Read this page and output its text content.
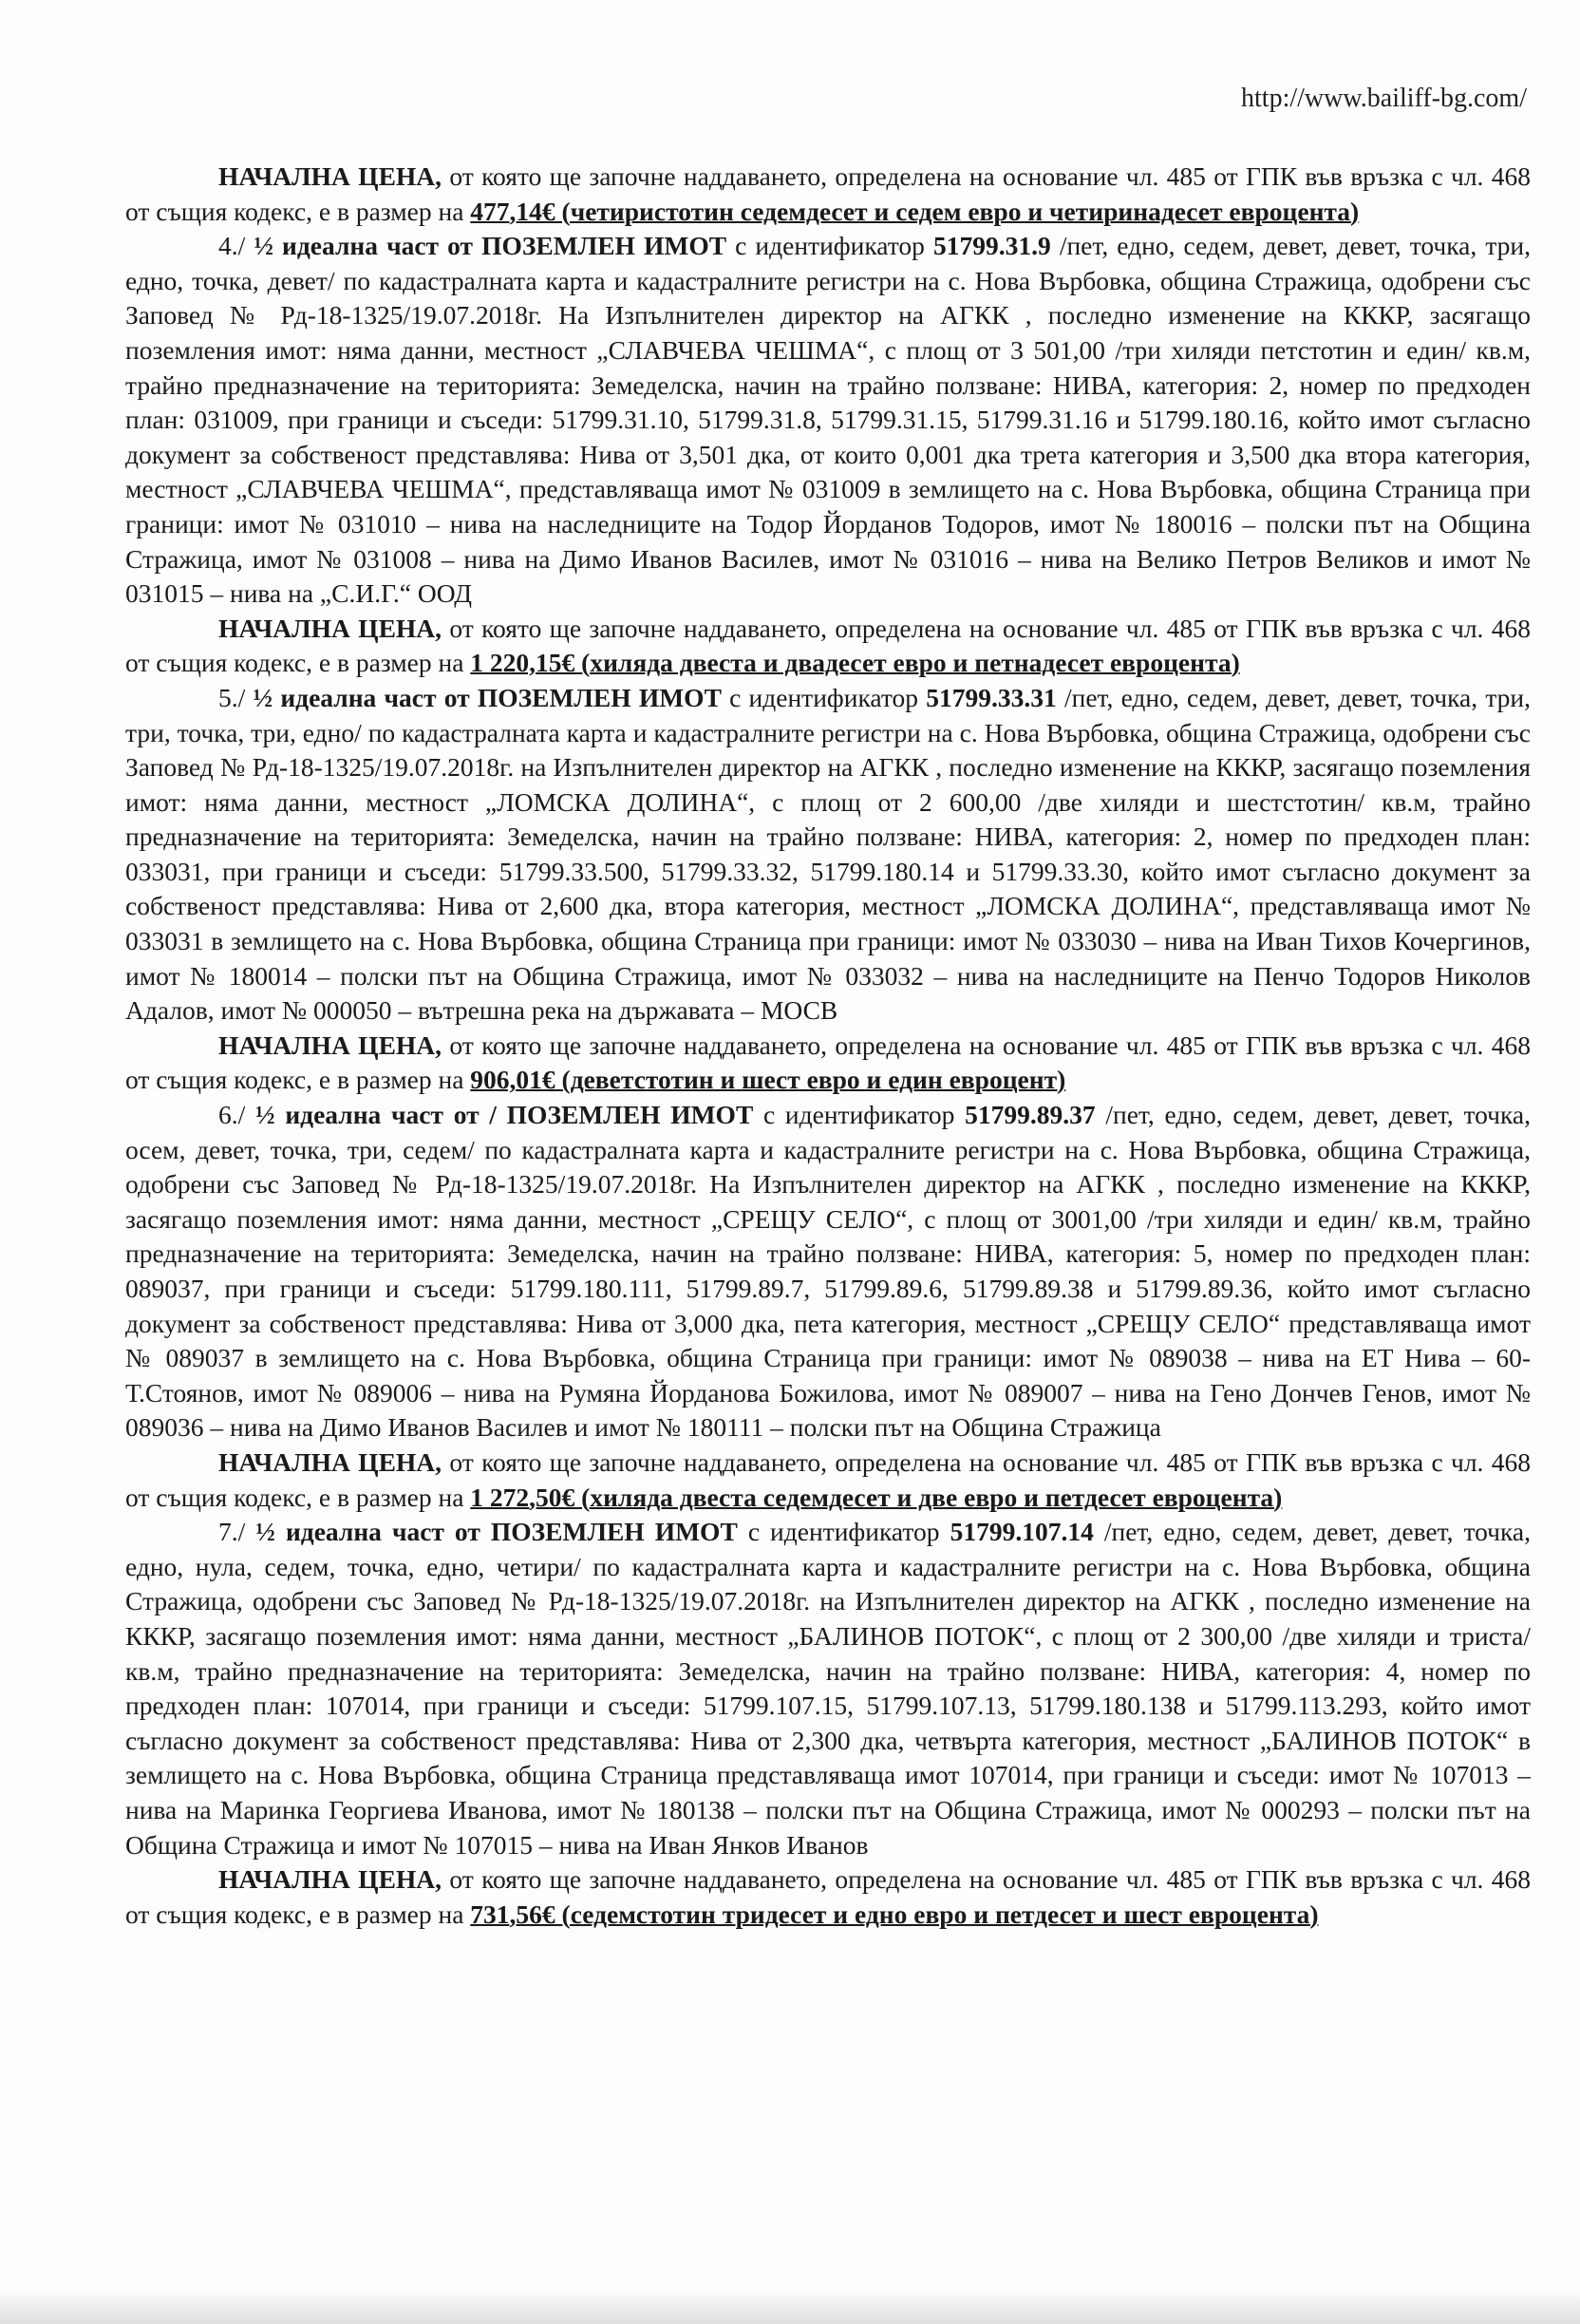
http://www.bailiff-bg.com/

НАЧАЛНА ЦЕНА, от която ще започне наддаването, определена на основание чл. 485 от ГПК във връзка с чл. 468 от същия кодекс, е в размер на 477,14€ (четиристотин седемдесет и седем евро и четиринадесет евроцента)

4./ ½ идеална част от ПОЗЕМЛЕН ИМОТ с идентификатор 51799.31.9 /пет, едно, седем, девет, девет, точка, три, едно, точка, девет/ по кадастралната карта и кадастралните регистри на с. Нова Върбовка, община Стражица, одобрени със Заповед № Рд-18-1325/19.07.2018г. На Изпълнителен директор на АГКК , последно изменение на КККР, засягащо поземления имот: няма данни, местност „СЛАВЧЕВА ЧЕШМА“, с площ от 3 501,00 /три хиляди петстотин и един/ кв.м, трайно предназначение на територията: Земеделска, начин на трайно ползване: НИВА, категория: 2, номер по предходен план: 031009, при граници и съседи: 51799.31.10, 51799.31.8, 51799.31.15, 51799.31.16 и 51799.180.16, който имот съгласно документ за собственост представлява: Нива от 3,501 дка, от които 0,001 дка трета категория и 3,500 дка втора категория, местност „СЛАВЧЕВА ЧЕШМА“, представляваща имот № 031009 в землището на с. Нова Върбовка, община Страница при граници: имот № 031010 – нива на наследниците на Тодор Йорданов Тодоров, имот № 180016 – полски път на Община Стражица, имот № 031008 – нива на Димо Иванов Василев, имот № 031016 – нива на Велико Петров Великов и имот № 031015 – нива на „С.И.Г.“ ООД

НАЧАЛНА ЦЕНА, от която ще започне наддаването, определена на основание чл. 485 от ГПК във връзка с чл. 468 от същия кодекс, е в размер на 1 220,15€ (хиляда двеста и двадесет евро и петнадесет евроцента)

5./ ½ идеална част от ПОЗЕМЛЕН ИМОТ с идентификатор 51799.33.31 /пет, едно, седем, девет, девет, точка, три, три, точка, три, едно/ по кадастралната карта и кадастралните регистри на с. Нова Върбовка, община Стражица, одобрени със Заповед № Рд-18-1325/19.07.2018г. на Изпълнителен директор на АГКК , последно изменение на КККР, засягащо поземления имот: няма данни, местност „ЛОМСКА ДОЛИНА“, с площ от 2 600,00 /две хиляди и шестстотин/ кв.м, трайно предназначение на територията: Земеделска, начин на трайно ползване: НИВА, категория: 2, номер по предходен план: 033031, при граници и съседи: 51799.33.500, 51799.33.32, 51799.180.14 и 51799.33.30, който имот съгласно документ за собственост представлява: Нива от 2,600 дка, втора категория, местност „ЛОМСКА ДОЛИНА“, представляваща имот № 033031 в землището на с. Нова Върбовка, община Страница при граници: имот № 033030 – нива на Иван Тихов Кочергинов, имот № 180014 – полски път на Община Стражица, имот № 033032 – нива на наследниците на Пенчо Тодоров Николов Адалов, имот № 000050 – вътрешна река на държавата – МОСВ

НАЧАЛНА ЦЕНА, от която ще започне наддаването, определена на основание чл. 485 от ГПК във връзка с чл. 468 от същия кодекс, е в размер на 906,01€ (деветстотин и шест евро и един евроцент)

6./ ½ идеална част от / ПОЗЕМЛЕН ИМОТ с идентификатор 51799.89.37 /пет, едно, седем, девет, девет, точка, осем, девет, точка, три, седем/ по кадастралната карта и кадастралните регистри на с. Нова Върбовка, община Стражица, одобрени със Заповед № Рд-18-1325/19.07.2018г. На Изпълнителен директор на АГКК , последно изменение на КККР, засягащо поземления имот: няма данни, местност „СРЕЩУ СЕЛО“, с площ от 3001,00 /три хиляди и един/ кв.м, трайно предназначение на територията: Земеделска, начин на трайно ползване: НИВА, категория: 5, номер по предходен план: 089037, при граници и съседи: 51799.180.111, 51799.89.7, 51799.89.6, 51799.89.38 и 51799.89.36, който имот съгласно документ за собственост представлява: Нива от 3,000 дка, пета категория, местност „СРЕЩУ СЕЛО“ представляваща имот № 089037 в землището на с. Нова Върбовка, община Страница при граници: имот № 089038 – нива на ЕТ Нива – 60-Т.Стоянов, имот № 089006 – нива на Румяна Йорданова Божилова, имот № 089007 – нива на Гено Дончев Генов, имот № 089036 – нива на Димо Иванов Василев и имот № 180111 – полски път на Община Стражица

НАЧАЛНА ЦЕНА, от която ще започне наддаването, определена на основание чл. 485 от ГПК във връзка с чл. 468 от същия кодекс, е в размер на 1 272,50€ (хиляда двеста седемдесет и две евро и петдесет евроцента)

7./ ½ идеална част от ПОЗЕМЛЕН ИМОТ с идентификатор 51799.107.14 /пет, едно, седем, девет, девет, точка, едно, нула, седем, точка, едно, четири/ по кадастралната карта и кадастралните регистри на с. Нова Върбовка, община Стражица, одобрени със Заповед № Рд-18-1325/19.07.2018г. на Изпълнителен директор на АГКК , последно изменение на КККР, засягащо поземления имот: няма данни, местност „БАЛИНОВ ПОТОК“, с площ от 2 300,00 /две хиляди и триста/ кв.м, трайно предназначение на територията: Земеделска, начин на трайно ползване: НИВА, категория: 4, номер по предходен план: 107014, при граници и съседи: 51799.107.15, 51799.107.13, 51799.180.138 и 51799.113.293, който имот съгласно документ за собственост представлява: Нива от 2,300 дка, четвърта категория, местност „БАЛИНОВ ПОТОК“ в землището на с. Нова Върбовка, община Страница представляваща имот 107014, при граници и съседи: имот № 107013 – нива на Маринка Георгиева Иванова, имот № 180138 – полски път на Община Стражица, имот № 000293 – полски път на Община Стражица и имот № 107015 – нива на Иван Янков Иванов

НАЧАЛНА ЦЕНА, от която ще започне наддаването, определена на основание чл. 485 от ГПК във връзка с чл. 468 от същия кодекс, е в размер на 731,56€ (седемстотин тридесет и едно евро и петдесет и шест евроцента)
